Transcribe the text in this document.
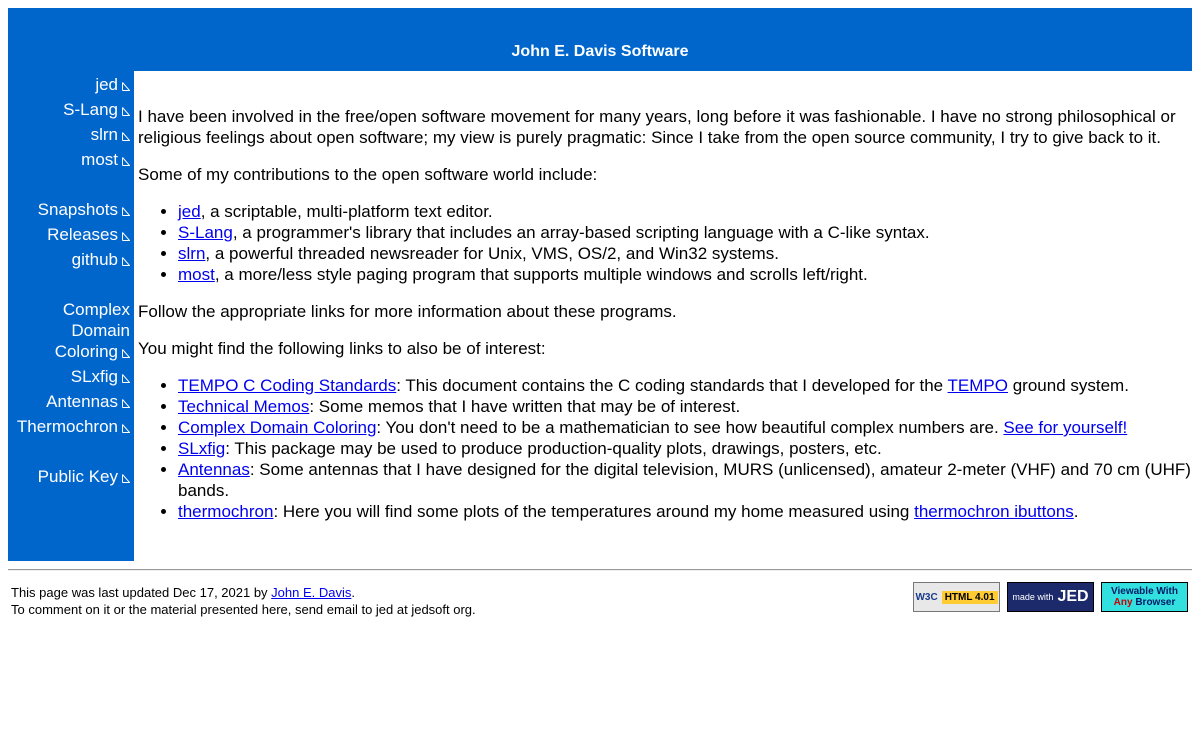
John E. Davis Software
jed
S-Lang
slrn
most
Snapshots
Releases
github
Complex
Domain
Coloring
SLxfig
Antennas
Thermochron
Public Key

I have been involved in the free/open software movement for many years, long before it was fashionable. I have no strong philosophical or religious feelings about open software; my view is purely pragmatic: Since I take from the open source community, I try to give back to it.

Some of my contributions to the open software world include:

• jed, a scriptable, multi-platform text editor.
• S-Lang, a programmer's library that includes an array-based scripting language with a C-like syntax.
• slrn, a powerful threaded newsreader for Unix, VMS, OS/2, and Win32 systems.
• most, a more/less style paging program that supports multiple windows and scrolls left/right.

Follow the appropriate links for more information about these programs.

You might find the following links to also be of interest:

• TEMPO C Coding Standards: This document contains the C coding standards that I developed for the TEMPO ground system.
• Technical Memos: Some memos that I have written that may be of interest.
• Complex Domain Coloring: You don't need to be a mathematician to see how beautiful complex numbers are. See for yourself!
• SLxfig: This package may be used to produce production-quality plots, drawings, posters, etc.
• Antennas: Some antennas that I have designed for the digital television, MURS (unlicensed), amateur 2-meter (VHF) and 70 cm (UHF) bands.
• thermochron: Here you will find some plots of the temperatures around my home measured using thermochron ibuttons.
This page was last updated Dec 17, 2021 by John E. Davis.
To comment on it or the material presented here, send email to jed at jedsoft org.
W3C HTML 4.01	made with JED Viewable With
Any Browser
